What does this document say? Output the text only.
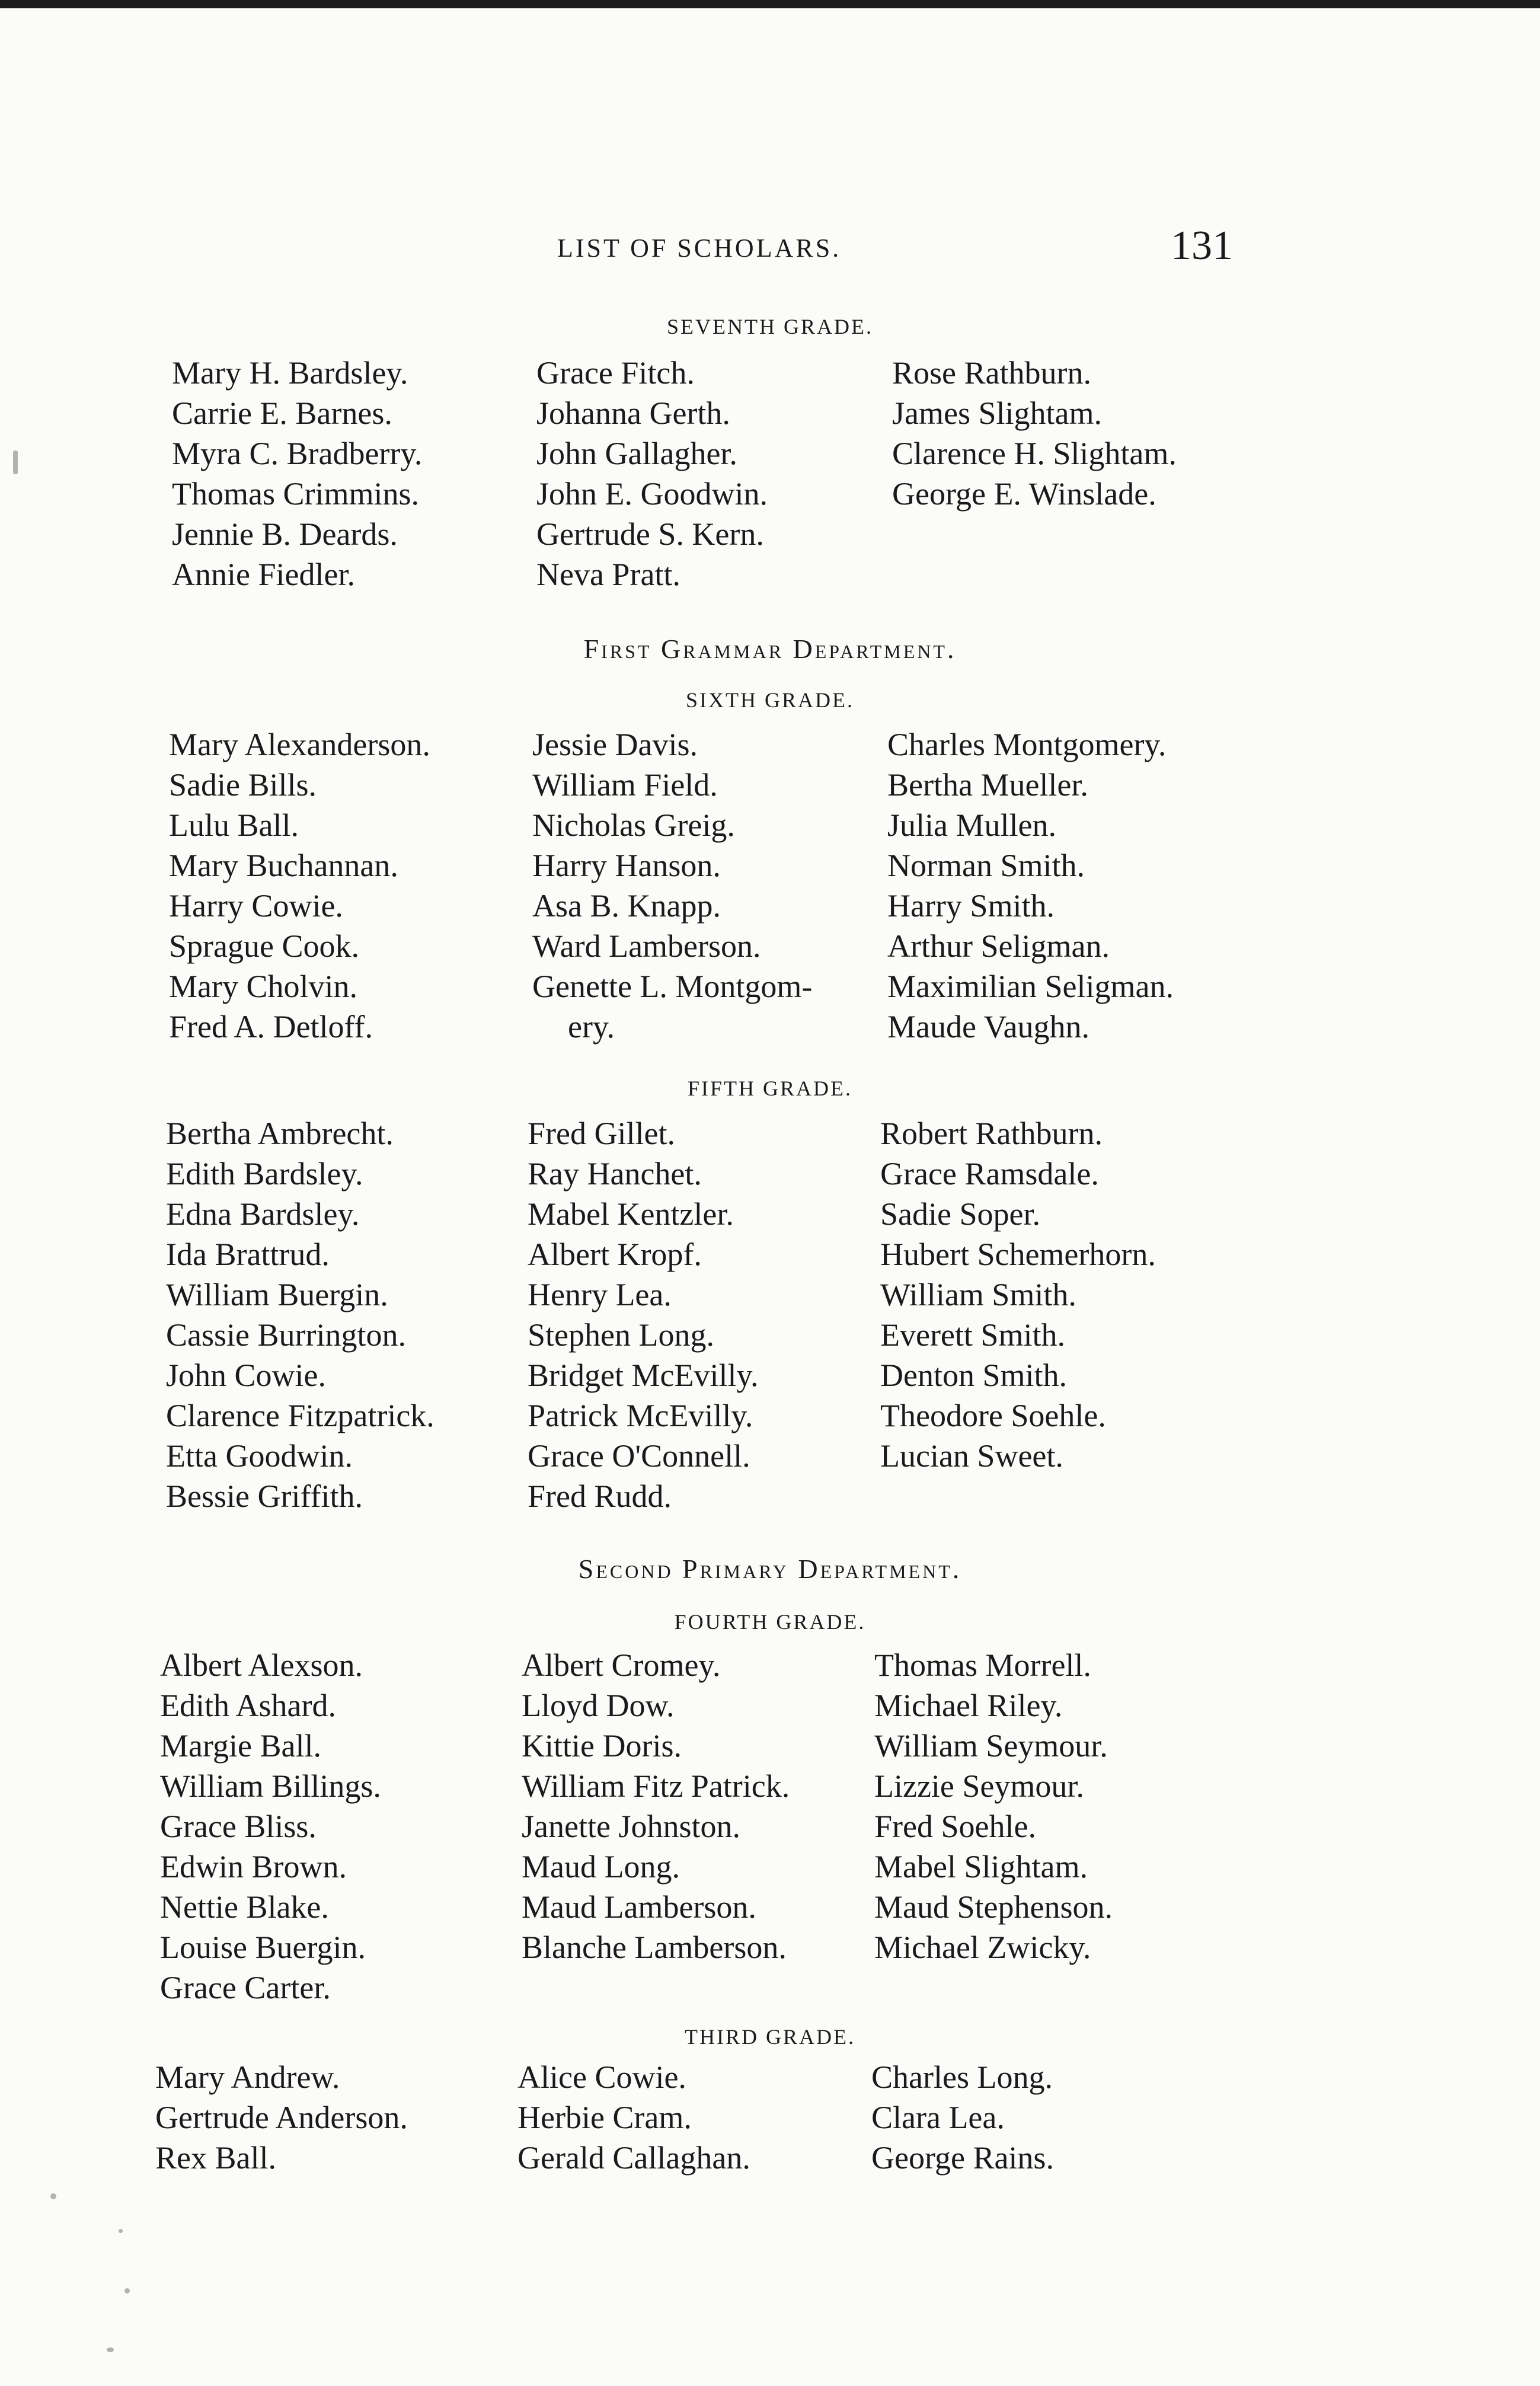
LIST OF SCHOLARS.	131
SEVENTH GRADE.
Mary H. Bardsley.
Carrie E. Barnes.
Myra C. Bradberry.
Thomas Crimmins.
Jennie B. Deards.
Annie Fiedler.
Grace Fitch.
Johanna Gerth.
John Gallagher.
John E. Goodwin.
Gertrude S. Kern.
Neva Pratt.
Rose Rathburn.
James Slightam.
Clarence H. Slightam.
George E. Winslade.
First Grammar Department.
SIXTH GRADE.
Mary Alexanderson.
Sadie Bills.
Lulu Ball.
Mary Buchannan.
Harry Cowie.
Sprague Cook.
Mary Cholvin.
Fred A. Detloff.
Jessie Davis.
William Field.
Nicholas Greig.
Harry Hanson.
Asa B. Knapp.
Ward Lamberson.
Genette L. Montgom-
ery.
Charles Montgomery.
Bertha Mueller.
Julia Mullen.
Norman Smith.
Harry Smith.
Arthur Seligman.
Maximilian Seligman.
Maude Vaughn.
FIFTH GRADE.
Bertha Ambrecht.
Edith Bardsley.
Edna Bardsley.
Ida Brattrud.
William Buergin.
Cassie Burrington.
John Cowie.
Clarence Fitzpatrick.
Etta Goodwin.
Bessie Griffith.
Fred Gillet.
Ray Hanchet.
Mabel Kentzler.
Albert Kropf.
Henry Lea.
Stephen Long.
Bridget McEvilly.
Patrick McEvilly.
Grace O'Connell.
Fred Rudd.
Robert Rathburn.
Grace Ramsdale.
Sadie Soper.
Hubert Schemerhorn.
William Smith.
Everett Smith.
Denton Smith.
Theodore Soehle.
Lucian Sweet.
Second Primary Department.
FOURTH GRADE.
Albert Alexson.
Edith Ashard.
Margie Ball.
William Billings.
Grace Bliss.
Edwin Brown.
Nettie Blake.
Louise Buergin.
Grace Carter.
Albert Cromey.
Lloyd Dow.
Kittie Doris.
William Fitz Patrick.
Janette Johnston.
Maud Long.
Maud Lamberson.
Blanche Lamberson.
Thomas Morrell.
Michael Riley.
William Seymour.
Lizzie Seymour.
Fred Soehle.
Mabel Slightam.
Maud Stephenson.
Michael Zwicky.
THIRD GRADE.
Mary Andrew.
Gertrude Anderson.
Rex Ball.
Alice Cowie.
Herbie Cram.
Gerald Callaghan.
Charles Long.
Clara Lea.
George Rains.
